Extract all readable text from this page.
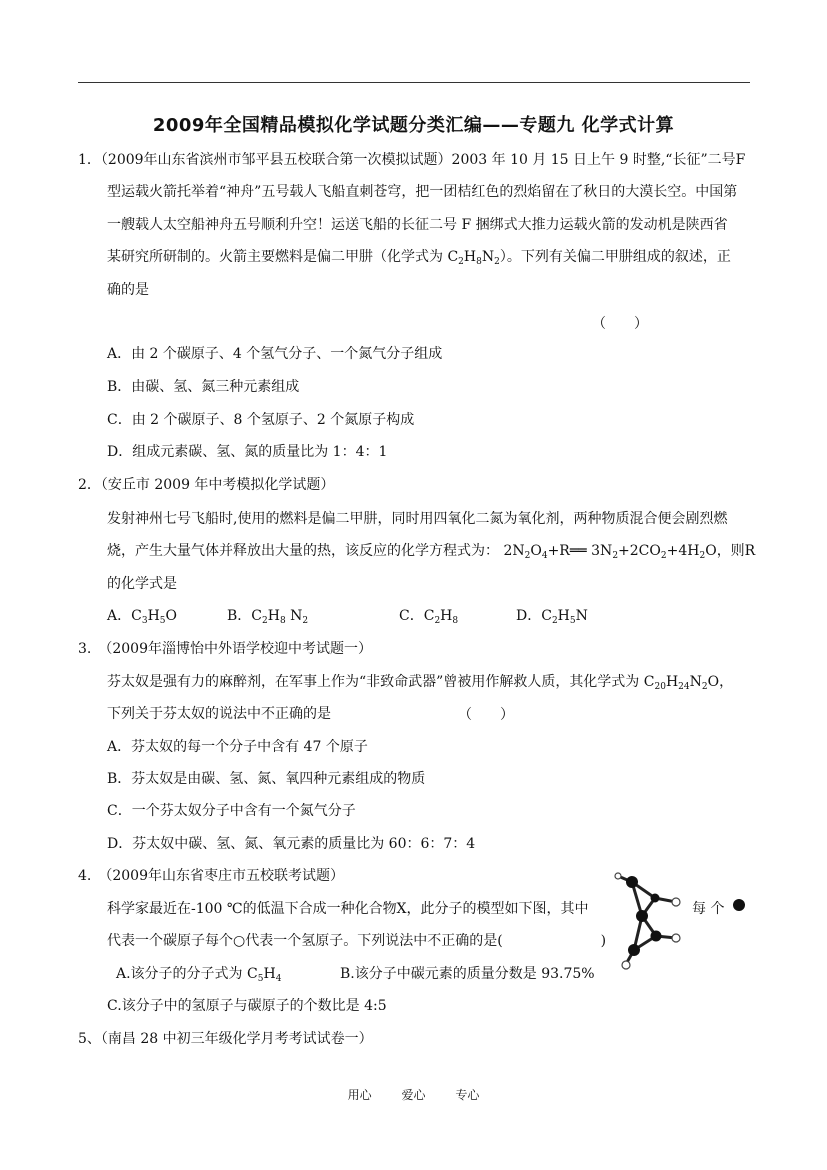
2009年全国精品模拟化学试题分类汇编——专题九 化学式计算
1．（2009年山东省滨州市邹平县五校联合第一次模拟试题）2003 年 10 月 15 日上午 9 时整,“长征”二号F
型运载火箭托举着“神舟”五号载人飞船直刺苍穹，把一团桔红色的烈焰留在了秋日的大漠长空。中国第
一艘载人太空船神舟五号顺利升空！运送飞船的长征二号 F 捆绑式大推力运载火箭的发动机是陕西省
某研究所研制的。火箭主要燃料是偏二甲肼（化学式为 $C_2H_8N_2$）。下列有关偏二甲肼组成的叙述，正
确的是
（　　）
A．由 2 个碳原子、4 个氢气分子、一个氮气分子组成
B．由碳、氢、氮三种元素组成
C．由 2 个碳原子、8 个氢原子、2 个氮原子构成
D．组成元素碳、氢、氮的质量比为 1：4：1
2．（安丘市 2009 年中考模拟化学试题）
发射神州七号飞船时,使用的燃料是偏二甲肼，同时用四氧化二氮为氧化剂，两种物质混合便会剧烈燃
烧，产生大量气体并释放出大量的热，该反应的化学方程式为： $2N_2O_4+R══$ $3N_2+2CO_2+4H_2O$，则R
的化学式是
A．$C_3H_5O$	B．$C_2H_8$ $N_2$	C．$C_2H_8$	D．$C_2H_5N$
3.　（2009年淄博怡中外语学校迎中考试题一）
芬太奴是强有力的麻醉剂，在军事上作为“非致命武器”曾被用作解救人质，其化学式为 $C_{20}H_{24}N_2O$，
下列关于芬太奴的说法中不正确的是	（　　）
A．芬太奴的每一个分子中含有 47 个原子
B．芬太奴是由碳、氢、氮、氧四种元素组成的物质
C．一个芬太奴分子中含有一个氮气分子
D．芬太奴中碳、氢、氮、氧元素的质量比为 60：6：7：4
4.　（2009年山东省枣庄市五校联考试题）
科学家最近在-100 ℃的低温下合成一种化合物X，此分子的模型如下图，其中	每 个
代表一个碳原子每个○代表一个氢原子。下列说法中不正确的是(　　　　　　　)
A.该分子的分子式为 $C_5H_4$	B.该分子中碳元素的质量分数是 93.75%
C.该分子中的氢原子与碳原子的个数比是 4:5
5、（南昌 28 中初三年级化学月考考试试卷一）
用心 爱心 专心
